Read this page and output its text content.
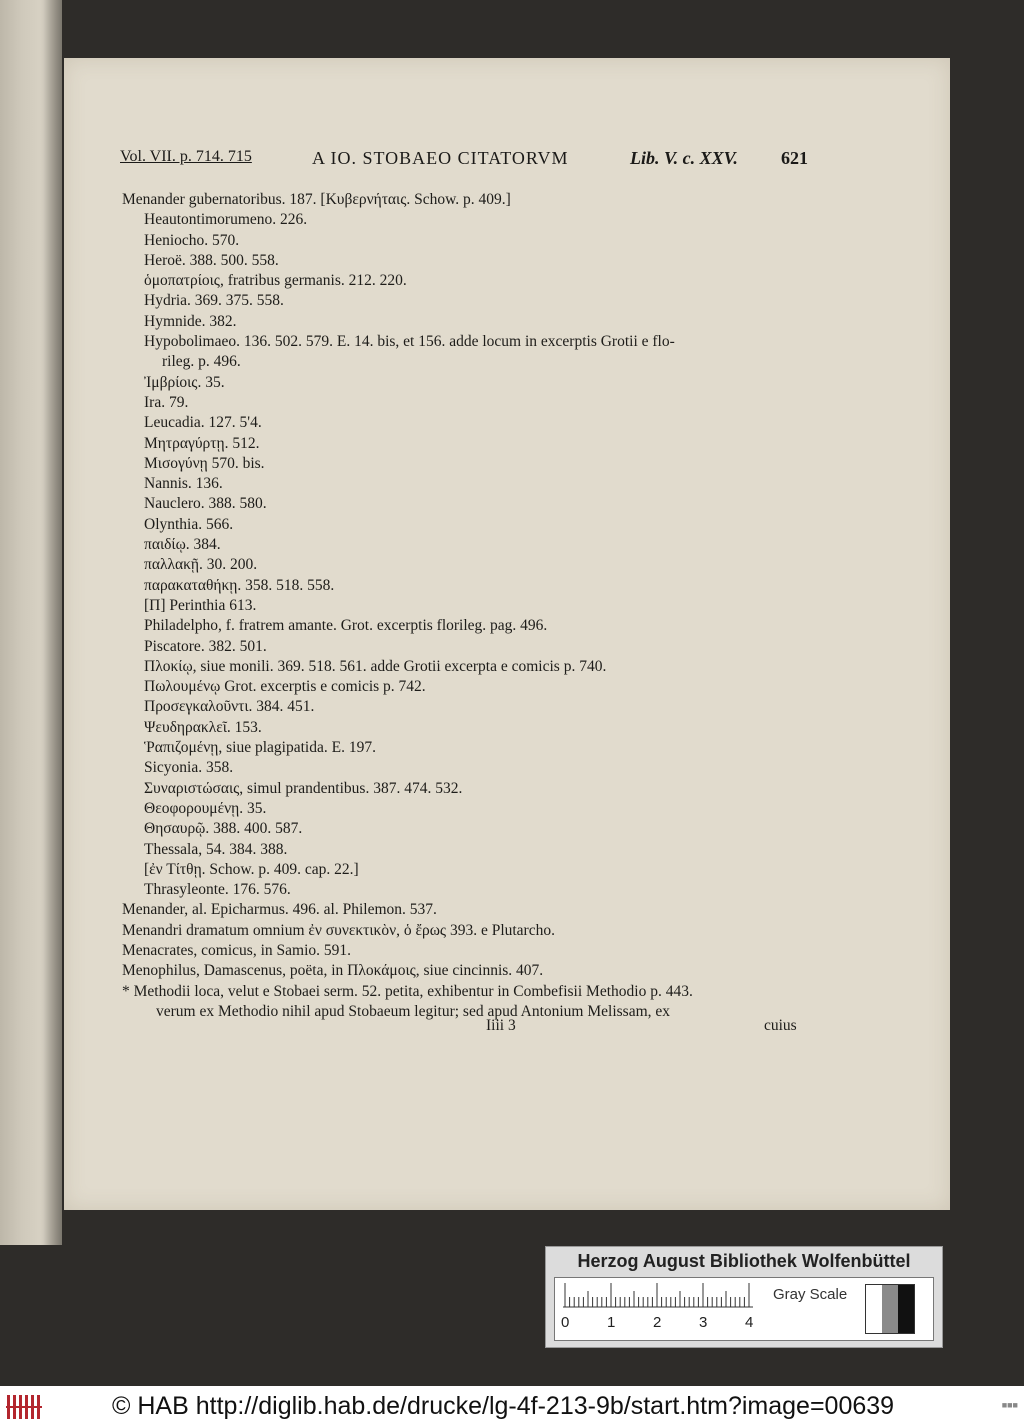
Vol. VII. p. 714. 715	A IO. STOBAEO CITATORVM	Lib. V. c. XXV. 621
Menander gubernatoribus. 187. [Κυβερνήταις. Schow. p. 409.]
Heautontimorumeno. 226.
Heniocho. 570.
Heroë. 388. 500. 558.
ὁμοπατρίοις, fratribus germanis. 212. 220.
Hydria. 369. 375. 558.
Hymnide. 382.
Hypobolimaeo. 136. 502. 579. E. 14. bis, et 156. adde locum in excerptis Grotii e flo-
rileg. p. 496.
Ἰμβρίοις. 35.
Ira. 79.
Leucadia. 127. 5'4.
Μητραγύρτῃ. 512.
Μισογύνῃ 570. bis.
Nannis. 136.
Nauclero. 388. 580.
Olynthia. 566.
παιδίῳ. 384.
παλλακῇ. 30. 200.
παρακαταθήκῃ. 358. 518. 558.
[Π] Perinthia 613.
Philadelpho, f. fratrem amante. Grot. excerptis florileg. pag. 496.
Piscatore. 382. 501.
Πλοκίῳ, siue monili. 369. 518. 561. adde Grotii excerpta e comicis p. 740.
Πωλουμένῳ Grot. excerptis e comicis p. 742.
Προσεγκαλοῦντι. 384. 451.
Ψευδηρακλεῖ. 153.
Ῥαπιζομένῃ, siue plagipatida. E. 197.
Sicyonia. 358.
Συναριστώσαις, simul prandentibus. 387. 474. 532.
Θεοφορουμένῃ. 35.
Θησαυρῷ. 388. 400. 587.
Thessala, 54. 384. 388.
[ἐν Τίτθῃ. Schow. p. 409. cap. 22.]
Thrasyleonte. 176. 576.
Menander, al. Epicharmus. 496. al. Philemon. 537.
Menandri dramatum omnium ἐν συνεκτικὸν, ὁ ἔρως 393. e Plutarcho.
Menacrates, comicus, in Samio. 591.
Menophilus, Damascenus, poëta, in Πλοκάμοις, siue cincinnis. 407.
* Methodii loca, velut e Stobaei serm. 52. petita, exhibentur in Combefisii Methodio p. 443.
verum ex Methodio nihil apud Stobaeum legitur; sed apud Antonium Melissam, ex
Iiii 3	cuius
Herzog August Bibliothek Wolfenbüttel
0	1	2	3	4
Gray Scale
© HAB http://diglib.hab.de/drucke/lg-4f-213-9b/start.htm?image=00639	■■■
